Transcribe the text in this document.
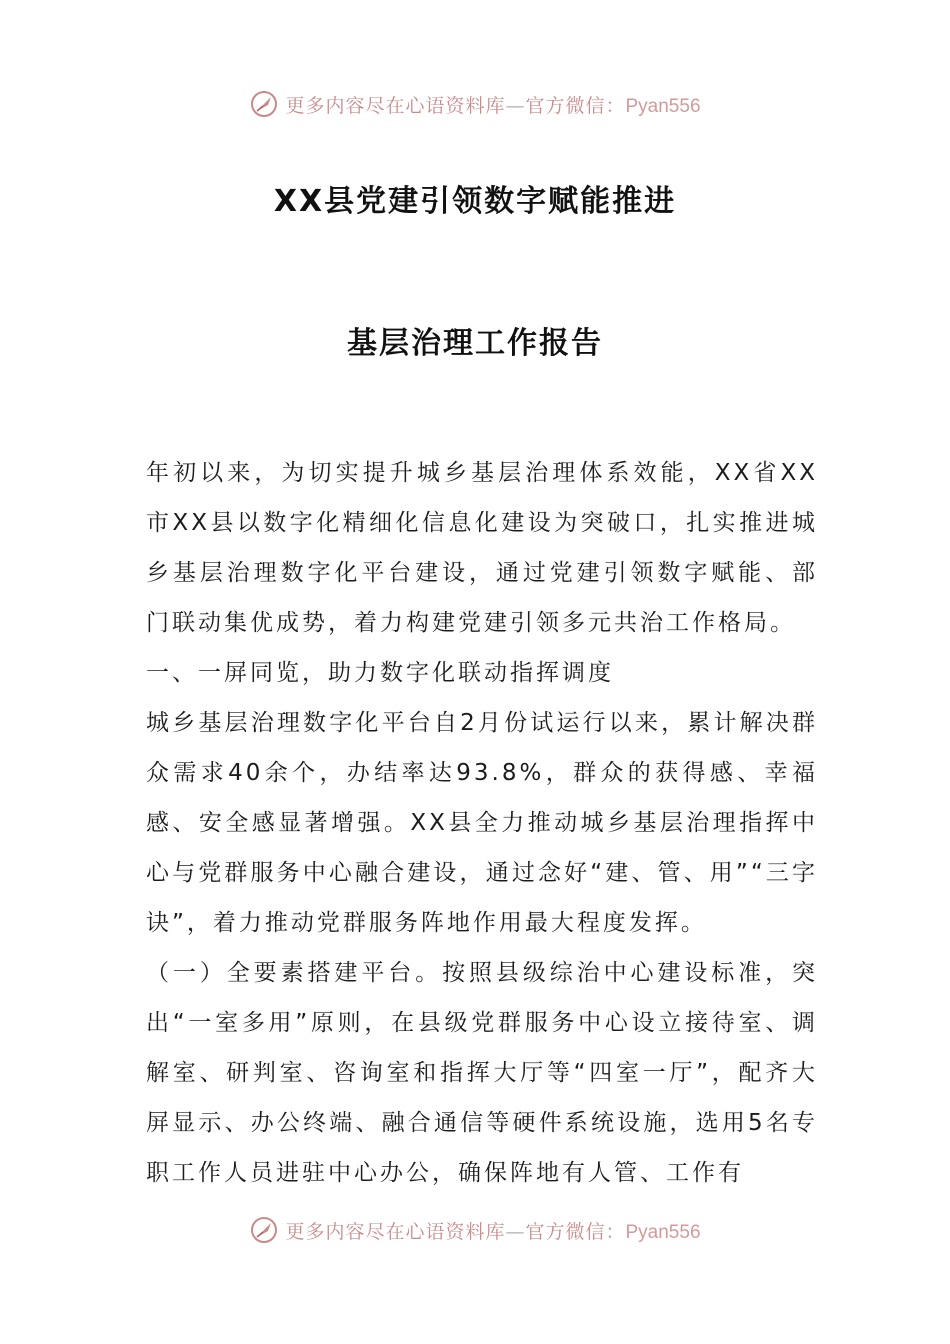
更多内容尽在心语资料库—官方微信：Pyan556
XX县党建引领数字赋能推进
基层治理工作报告

年初以来，为切实提升城乡基层治理体系效能，XX省XX市XX县以数字化精细化信息化建设为突破口，扎实推进城乡基层治理数字化平台建设，通过党建引领数字赋能、部门联动集优成势，着力构建党建引领多元共治工作格局。

一、一屏同览，助力数字化联动指挥调度

城乡基层治理数字化平台自2月份试运行以来，累计解决群众需求40余个，办结率达93.8%，群众的获得感、幸福感、安全感显著增强。XX县全力推动城乡基层治理指挥中心与党群服务中心融合建设，通过念好“建、管、用”“三字诀”，着力推动党群服务阵地作用最大程度发挥。

（一）全要素搭建平台。按照县级综治中心建设标准，突出“一室多用”原则，在县级党群服务中心设立接待室、调解室、研判室、咨询室和指挥大厅等“四室一厅”，配齐大屏显示、办公终端、融合通信等硬件系统设施，选用5名专职工作人员进驻中心办公，确保阵地有人管、工作有

更多内容尽在心语资料库—官方微信：Pyan556
